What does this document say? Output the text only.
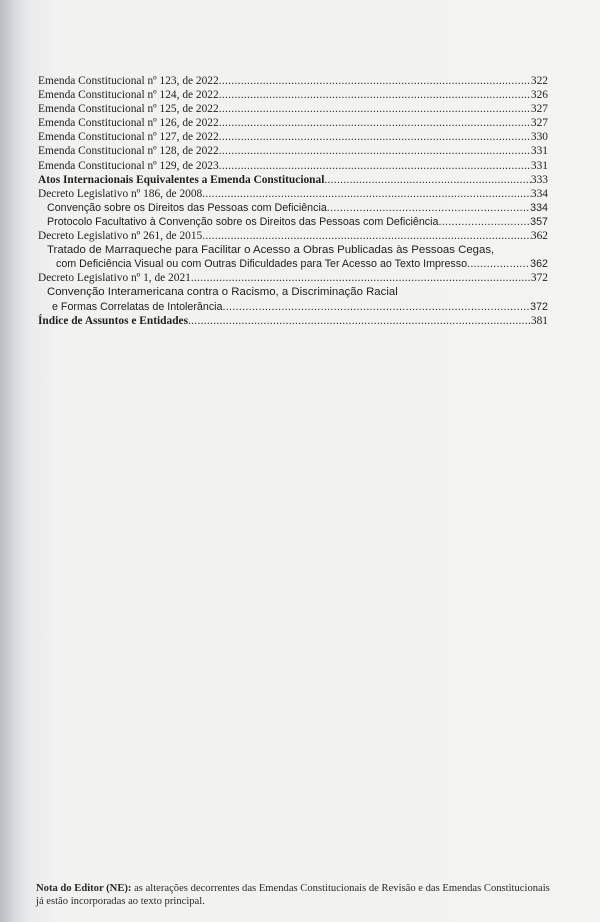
Emenda Constitucional nº 123, de 2022 .....	322
Emenda Constitucional nº 124, de 2022 .....	326
Emenda Constitucional nº 125, de 2022 .....	327
Emenda Constitucional nº 126, de 2022 .....	327
Emenda Constitucional nº 127, de 2022 .....	330
Emenda Constitucional nº 128, de 2022 .....	331
Emenda Constitucional nº 129, de 2023 .....	331
Atos Internacionais Equivalentes a Emenda Constitucional .....	333
Decreto Legislativo nº 186, de 2008 .....	334
Convenção sobre os Direitos das Pessoas com Deficiência .....	334
Protocolo Facultativo à Convenção sobre os Direitos das Pessoas com Deficiência .....	357
Decreto Legislativo nº 261, de 2015 .....	362
Tratado de Marraqueche para Facilitar o Acesso a Obras Publicadas às Pessoas Cegas,
com Deficiência Visual ou com Outras Dificuldades para Ter Acesso ao Texto Impresso .....	362
Decreto Legislativo nº 1, de 2021 .....	372
Convenção Interamericana contra o Racismo, a Discriminação Racial
e Formas Correlatas de Intolerância .....	372
Índice de Assuntos e Entidades .....	381
Nota do Editor (NE): as alterações decorrentes das Emendas Constitucionais de Revisão e das Emendas Constitucionais já estão incorporadas ao texto principal.
